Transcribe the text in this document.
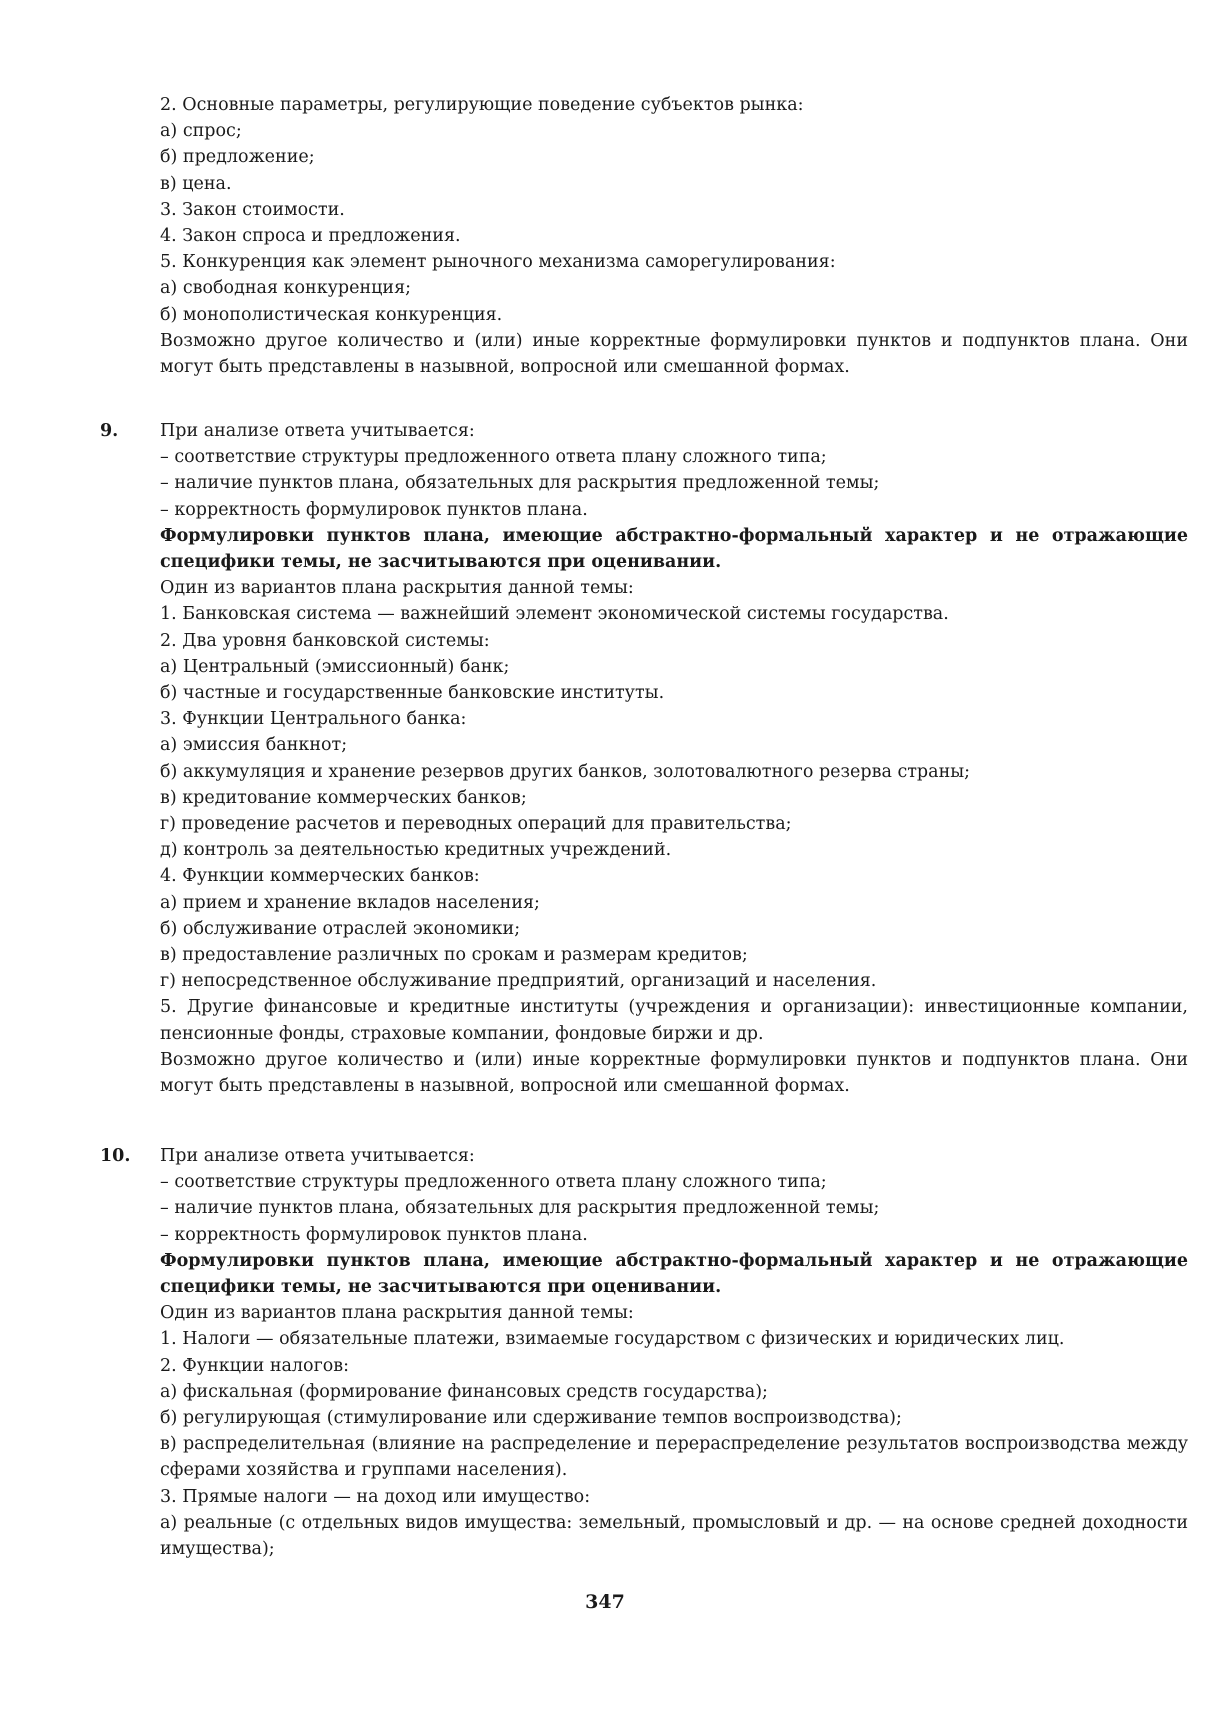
2. Основные параметры, регулирующие поведение субъектов рынка:
а) спрос;
б) предложение;
в) цена.
3. Закон стоимости.
4. Закон спроса и предложения.
5. Конкуренция как элемент рыночного механизма саморегулирования:
а) свободная конкуренция;
б) монополистическая конкуренция.
Возможно другое количество и (или) иные корректные формулировки пунктов и подпунктов плана. Они могут быть представлены в назывной, вопросной или смешанной формах.
9. При анализе ответа учитывается:
– соответствие структуры предложенного ответа плану сложного типа;
– наличие пунктов плана, обязательных для раскрытия предложенной темы;
– корректность формулировок пунктов плана.
Формулировки пунктов плана, имеющие абстрактно-формальный характер и не отражающие специфики темы, не засчитываются при оценивании.
Один из вариантов плана раскрытия данной темы:
1. Банковская система — важнейший элемент экономической системы государства.
2. Два уровня банковской системы:
а) Центральный (эмиссионный) банк;
б) частные и государственные банковские институты.
3. Функции Центрального банка:
а) эмиссия банкнот;
б) аккумуляция и хранение резервов других банков, золотовалютного резерва страны;
в) кредитование коммерческих банков;
г) проведение расчетов и переводных операций для правительства;
д) контроль за деятельностью кредитных учреждений.
4. Функции коммерческих банков:
а) прием и хранение вкладов населения;
б) обслуживание отраслей экономики;
в) предоставление различных по срокам и размерам кредитов;
г) непосредственное обслуживание предприятий, организаций и населения.
5. Другие финансовые и кредитные институты (учреждения и организации): инвестиционные компании, пенсионные фонды, страховые компании, фондовые биржи и др.
Возможно другое количество и (или) иные корректные формулировки пунктов и подпунктов плана. Они могут быть представлены в назывной, вопросной или смешанной формах.
10. При анализе ответа учитывается:
– соответствие структуры предложенного ответа плану сложного типа;
– наличие пунктов плана, обязательных для раскрытия предложенной темы;
– корректность формулировок пунктов плана.
Формулировки пунктов плана, имеющие абстрактно-формальный характер и не отражающие специфики темы, не засчитываются при оценивании.
Один из вариантов плана раскрытия данной темы:
1. Налоги — обязательные платежи, взимаемые государством с физических и юридических лиц.
2. Функции налогов:
а) фискальная (формирование финансовых средств государства);
б) регулирующая (стимулирование или сдерживание темпов воспроизводства);
в) распределительная (влияние на распределение и перераспределение результатов воспроизводства между сферами хозяйства и группами населения).
3. Прямые налоги — на доход или имущество:
а) реальные (с отдельных видов имущества: земельный, промысловый и др. — на основе средней доходности имущества);
347
